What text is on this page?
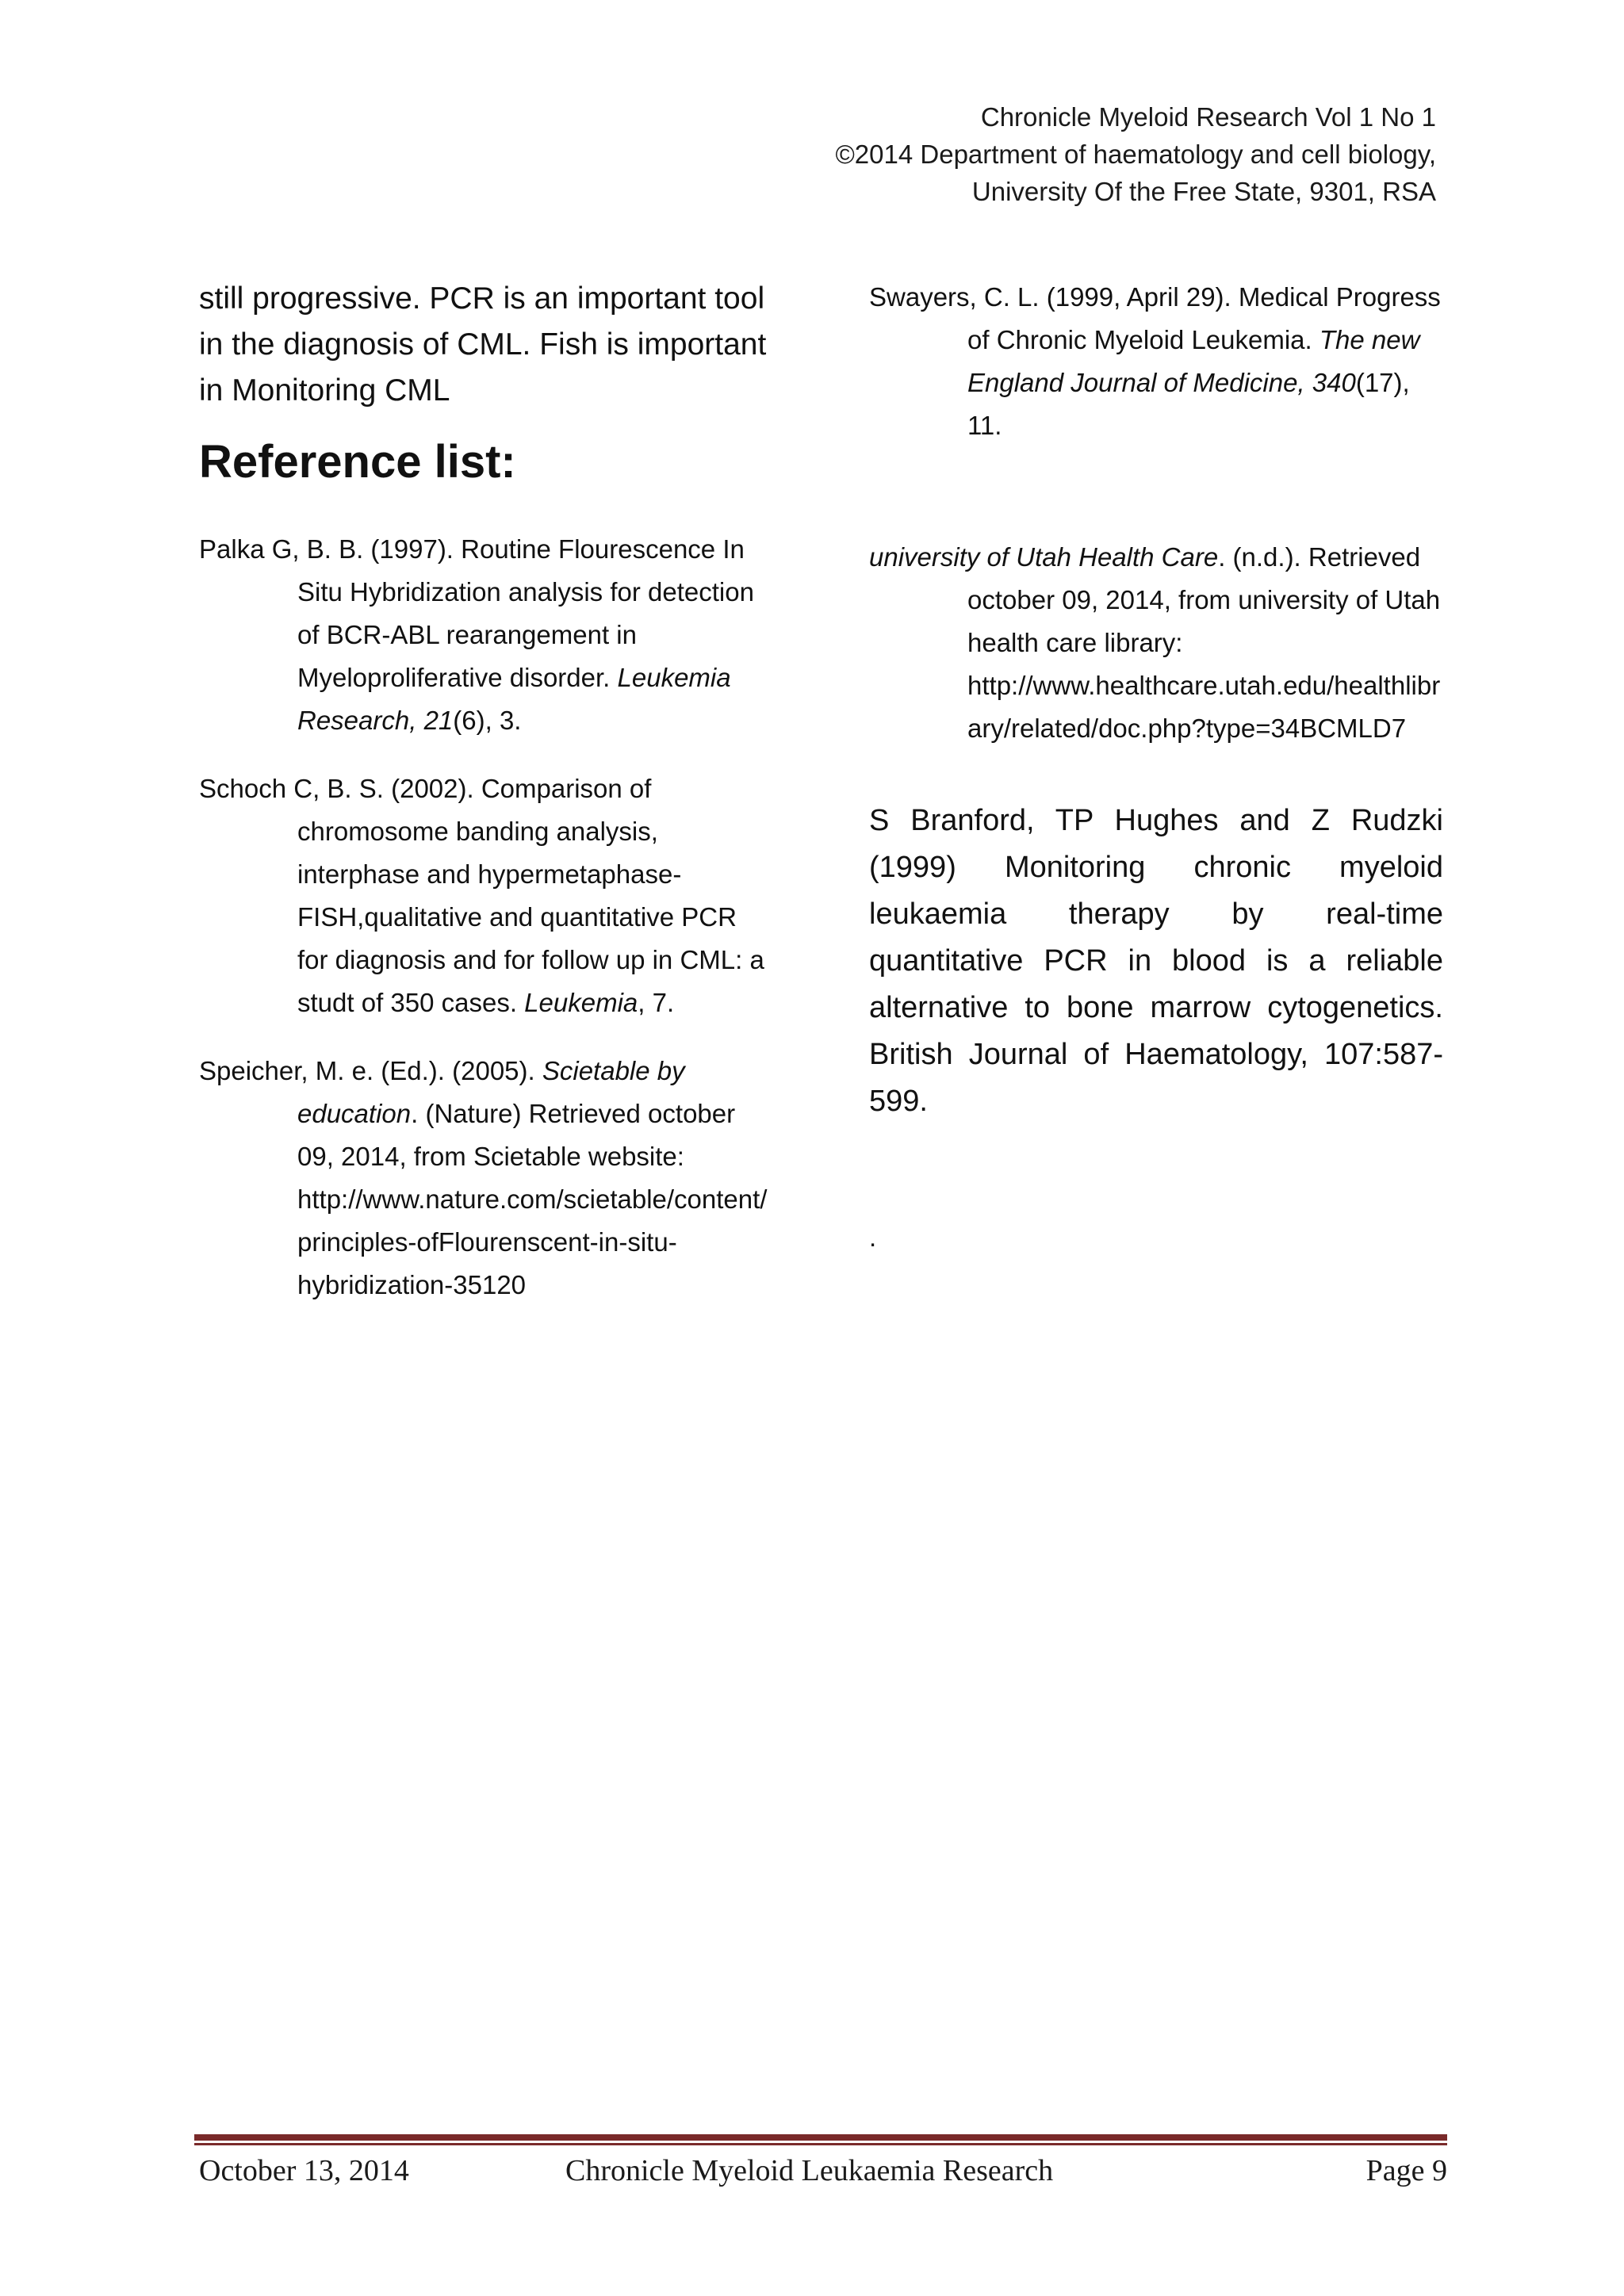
Chronicle Myeloid Research Vol 1 No 1
©2014 Department of haematology and cell biology,
University Of the Free State, 9301, RSA

still progressive. PCR is an important tool in the diagnosis of CML. Fish is important in Monitoring CML

Reference list:
Palka G, B. B. (1997). Routine Flourescence In Situ Hybridization analysis for detection of BCR-ABL rearangement in Myeloproliferative disorder. Leukemia Research, 21(6), 3.
Schoch C, B. S. (2002). Comparison of chromosome banding analysis, interphase and hypermetaphase-FISH,qualitative and quantitative PCR for diagnosis and for follow up in CML: a studt of 350 cases. Leukemia, 7.
Speicher, M. e. (Ed.). (2005). Scietable by education. (Nature) Retrieved october 09, 2014, from Scietable website: http://www.nature.com/scietable/content/principles-ofFlourenscent-in-situ-hybridization-35120
Swayers, C. L. (1999, April 29). Medical Progress of Chronic Myeloid Leukemia. The new England Journal of Medicine, 340(17), 11.
university of Utah Health Care. (n.d.). Retrieved october 09, 2014, from university of Utah health care library: http://www.healthcare.utah.edu/healthlibrary/related/doc.php?type=34BCMLD7

S Branford, TP Hughes and Z Rudzki (1999) Monitoring chronic myeloid leukaemia therapy by real-time quantitative PCR in blood is a reliable alternative to bone marrow cytogenetics. British Journal of Haematology, 107:587-599.

.
October 13, 2014	Chronicle Myeloid Leukaemia Research	Page 9
